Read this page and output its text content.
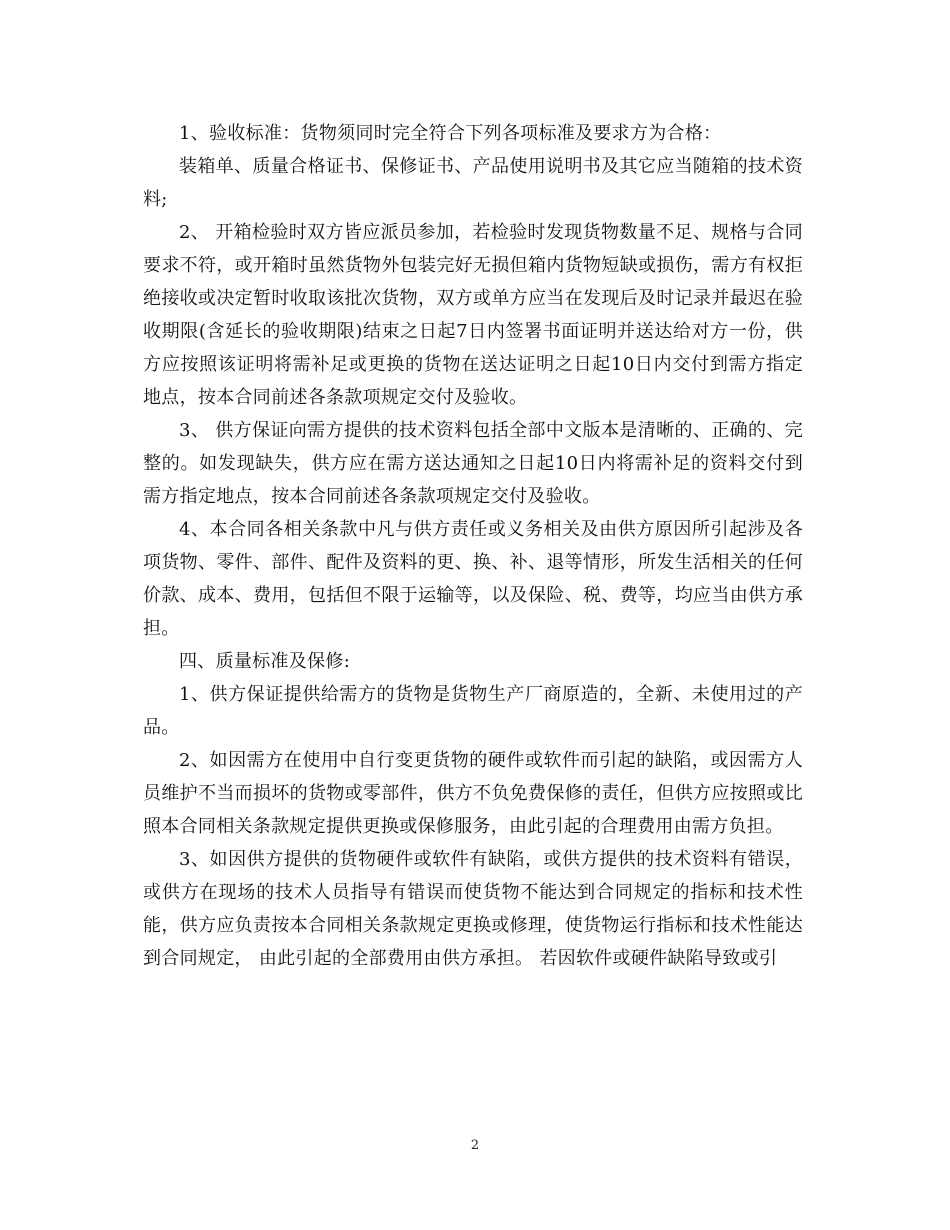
1、验收标准：货物须同时完全符合下列各项标准及要求方为合格：

装箱单、质量合格证书、保修证书、产品使用说明书及其它应当随箱的技术资料;

2、 开箱检验时双方皆应派员参加，若检验时发现货物数量不足、规格与合同要求不符，或开箱时虽然货物外包装完好无损但箱内货物短缺或损伤，需方有权拒绝接收或决定暂时收取该批次货物，双方或单方应当在发现后及时记录并最迟在验收期限(含延长的验收期限)结束之日起7日内签署书面证明并送达给对方一份，供方应按照该证明将需补足或更换的货物在送达证明之日起10日内交付到需方指定地点，按本合同前述各条款项规定交付及验收。

3、 供方保证向需方提供的技术资料包括全部中文版本是清晰的、正确的、完整的。如发现缺失，供方应在需方送达通知之日起10日内将需补足的资料交付到需方指定地点，按本合同前述各条款项规定交付及验收。

4、本合同各相关条款中凡与供方责任或义务相关及由供方原因所引起涉及各项货物、零件、部件、配件及资料的更、换、补、退等情形，所发生活相关的任何价款、成本、费用，包括但不限于运输等，以及保险、税、费等，均应当由供方承担。

四、质量标准及保修:

1、供方保证提供给需方的货物是货物生产厂商原造的，全新、未使用过的产品。

2、如因需方在使用中自行变更货物的硬件或软件而引起的缺陷，或因需方人员维护不当而损坏的货物或零部件，供方不负免费保修的责任，但供方应按照或比照本合同相关条款规定提供更换或保修服务，由此引起的合理费用由需方负担。

3、如因供方提供的货物硬件或软件有缺陷，或供方提供的技术资料有错误，或供方在现场的技术人员指导有错误而使货物不能达到合同规定的指标和技术性能，供方应负责按本合同相关条款规定更换或修理，使货物运行指标和技术性能达到合同规定， 由此引起的全部费用由供方承担。 若因软件或硬件缺陷导致或引

2
